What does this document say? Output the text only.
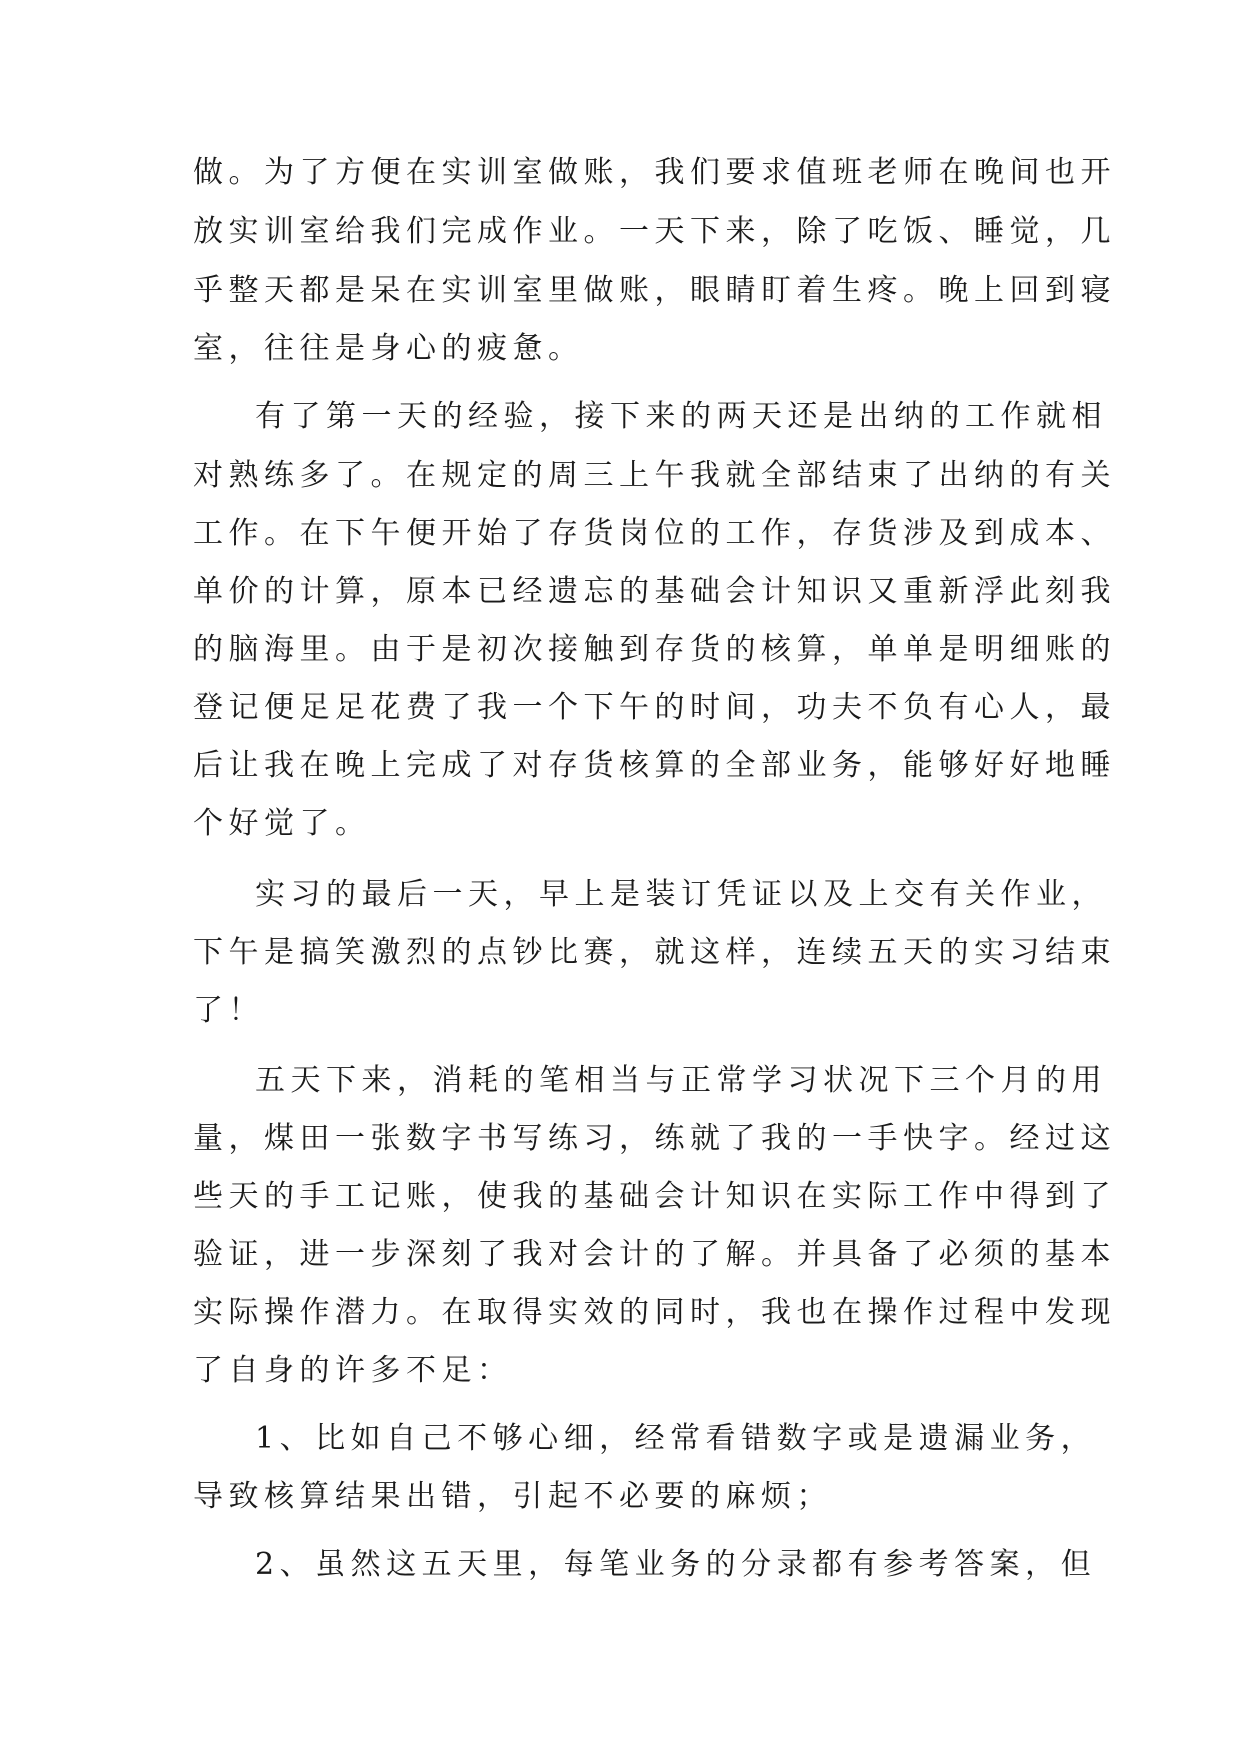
做。为了方便在实训室做账，我们要求值班老师在晚间也开
放实训室给我们完成作业。一天下来，除了吃饭、睡觉，几
乎整天都是呆在实训室里做账，眼睛盯着生疼。晚上回到寝
室，往往是身心的疲惫。
有了第一天的经验，接下来的两天还是出纳的工作就相
对熟练多了。在规定的周三上午我就全部结束了出纳的有关
工作。在下午便开始了存货岗位的工作，存货涉及到成本、
单价的计算，原本已经遗忘的基础会计知识又重新浮此刻我
的脑海里。由于是初次接触到存货的核算，单单是明细账的
登记便足足花费了我一个下午的时间，功夫不负有心人，最
后让我在晚上完成了对存货核算的全部业务，能够好好地睡
个好觉了。
实习的最后一天，早上是装订凭证以及上交有关作业，
下午是搞笑激烈的点钞比赛，就这样，连续五天的实习结束
了！
五天下来，消耗的笔相当与正常学习状况下三个月的用
量，煤田一张数字书写练习，练就了我的一手快字。经过这
些天的手工记账，使我的基础会计知识在实际工作中得到了
验证，进一步深刻了我对会计的了解。并具备了必须的基本
实际操作潜力。在取得实效的同时，我也在操作过程中发现
了自身的许多不足：
1、比如自己不够心细，经常看错数字或是遗漏业务，
导致核算结果出错，引起不必要的麻烦；
2、虽然这五天里，每笔业务的分录都有参考答案，但
